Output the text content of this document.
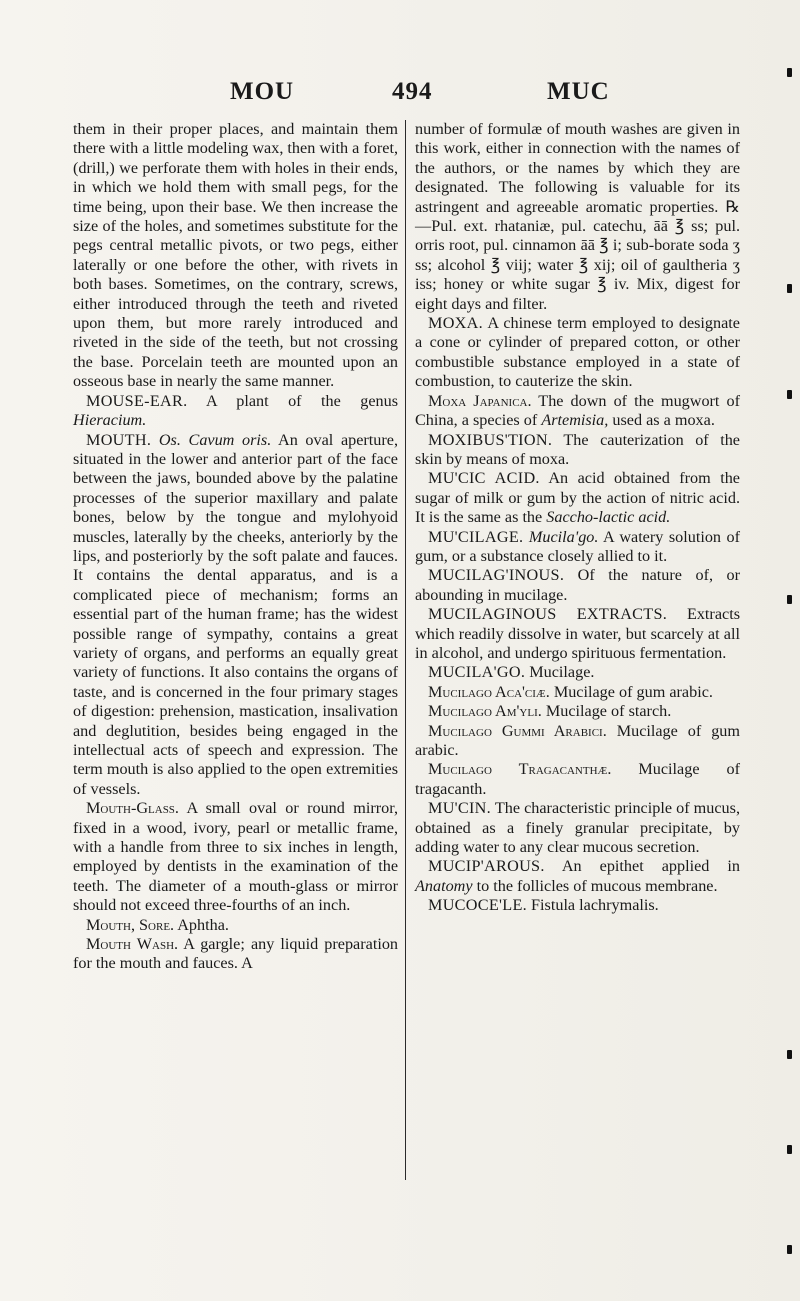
MOU	494	MUC

them in their proper places, and maintain them there with a little modeling wax, then with a foret, (drill,) we perforate them with holes in their ends, in which we hold them with small pegs, for the time being, upon their base. We then increase the size of the holes, and sometimes substitute for the pegs central metallic pivots, or two pegs, either laterally or one before the other, with rivets in both bases. Sometimes, on the contrary, screws, either introduced through the teeth and riveted upon them, but more rarely introduced and riveted in the side of the teeth, but not crossing the base. Porcelain teeth are mounted upon an osseous base in nearly the same manner.

MOUSE-EAR. A plant of the genus Hieracium.

MOUTH. Os. Cavum oris. An oval aperture, situated in the lower and anterior part of the face between the jaws, bounded above by the palatine processes of the superior maxillary and palate bones, below by the tongue and mylohyoid muscles, laterally by the cheeks, anteriorly by the lips, and posteriorly by the soft palate and fauces. It contains the dental apparatus, and is a complicated piece of mechanism; forms an essential part of the human frame; has the widest possible range of sympathy, contains a great variety of organs, and performs an equally great variety of functions. It also contains the organs of taste, and is concerned in the four primary stages of digestion: prehension, mastication, insalivation and deglutition, besides being engaged in the intellectual acts of speech and expression. The term mouth is also applied to the open extremities of vessels.

Mouth-Glass. A small oval or round mirror, fixed in a wood, ivory, pearl or metallic frame, with a handle from three to six inches in length, employed by dentists in the examination of the teeth. The diameter of a mouth-glass or mirror should not exceed three-fourths of an inch.

Mouth, Sore. Aphtha.

Mouth Wash. A gargle; any liquid preparation for the mouth and fauces. A

number of formulæ of mouth washes are given in this work, either in connection with the names of the authors, or the names by which they are designated. The following is valuable for its astringent and agreeable aromatic properties. ℞—Pul. ext. rhataniæ, pul. catechu, āā ℥ ss; pul. orris root, pul. cinnamon āā ℥ i; sub-borate soda ʒ ss; alcohol ℥ viij; water ℥ xij; oil of gaultheria ʒ iss; honey or white sugar ℥ iv. Mix, digest for eight days and filter.

MOXA. A chinese term employed to designate a cone or cylinder of prepared cotton, or other combustible substance employed in a state of combustion, to cauterize the skin.

Moxa Japanica. The down of the mugwort of China, a species of Artemisia, used as a moxa.

MOXIBUS'TION. The cauterization of the skin by means of moxa.

MU'CIC ACID. An acid obtained from the sugar of milk or gum by the action of nitric acid. It is the same as the Saccho-lactic acid.

MU'CILAGE. Mucila'go. A watery solution of gum, or a substance closely allied to it.

MUCILAG'INOUS. Of the nature of, or abounding in mucilage.

MUCILAGINOUS EXTRACTS. Extracts which readily dissolve in water, but scarcely at all in alcohol, and undergo spirituous fermentation.

MUCILA'GO. Mucilage.

Mucilago Aca'ciæ. Mucilage of gum arabic.

Mucilago Am'yli. Mucilage of starch.

Mucilago Gummi Arabici. Mucilage of gum arabic.

Mucilago Tragacanthæ. Mucilage of tragacanth.

MU'CIN. The characteristic principle of mucus, obtained as a finely granular precipitate, by adding water to any clear mucous secretion.

MUCIP'AROUS. An epithet applied in Anatomy to the follicles of mucous membrane.

MUCOCE'LE. Fistula lachrymalis.
